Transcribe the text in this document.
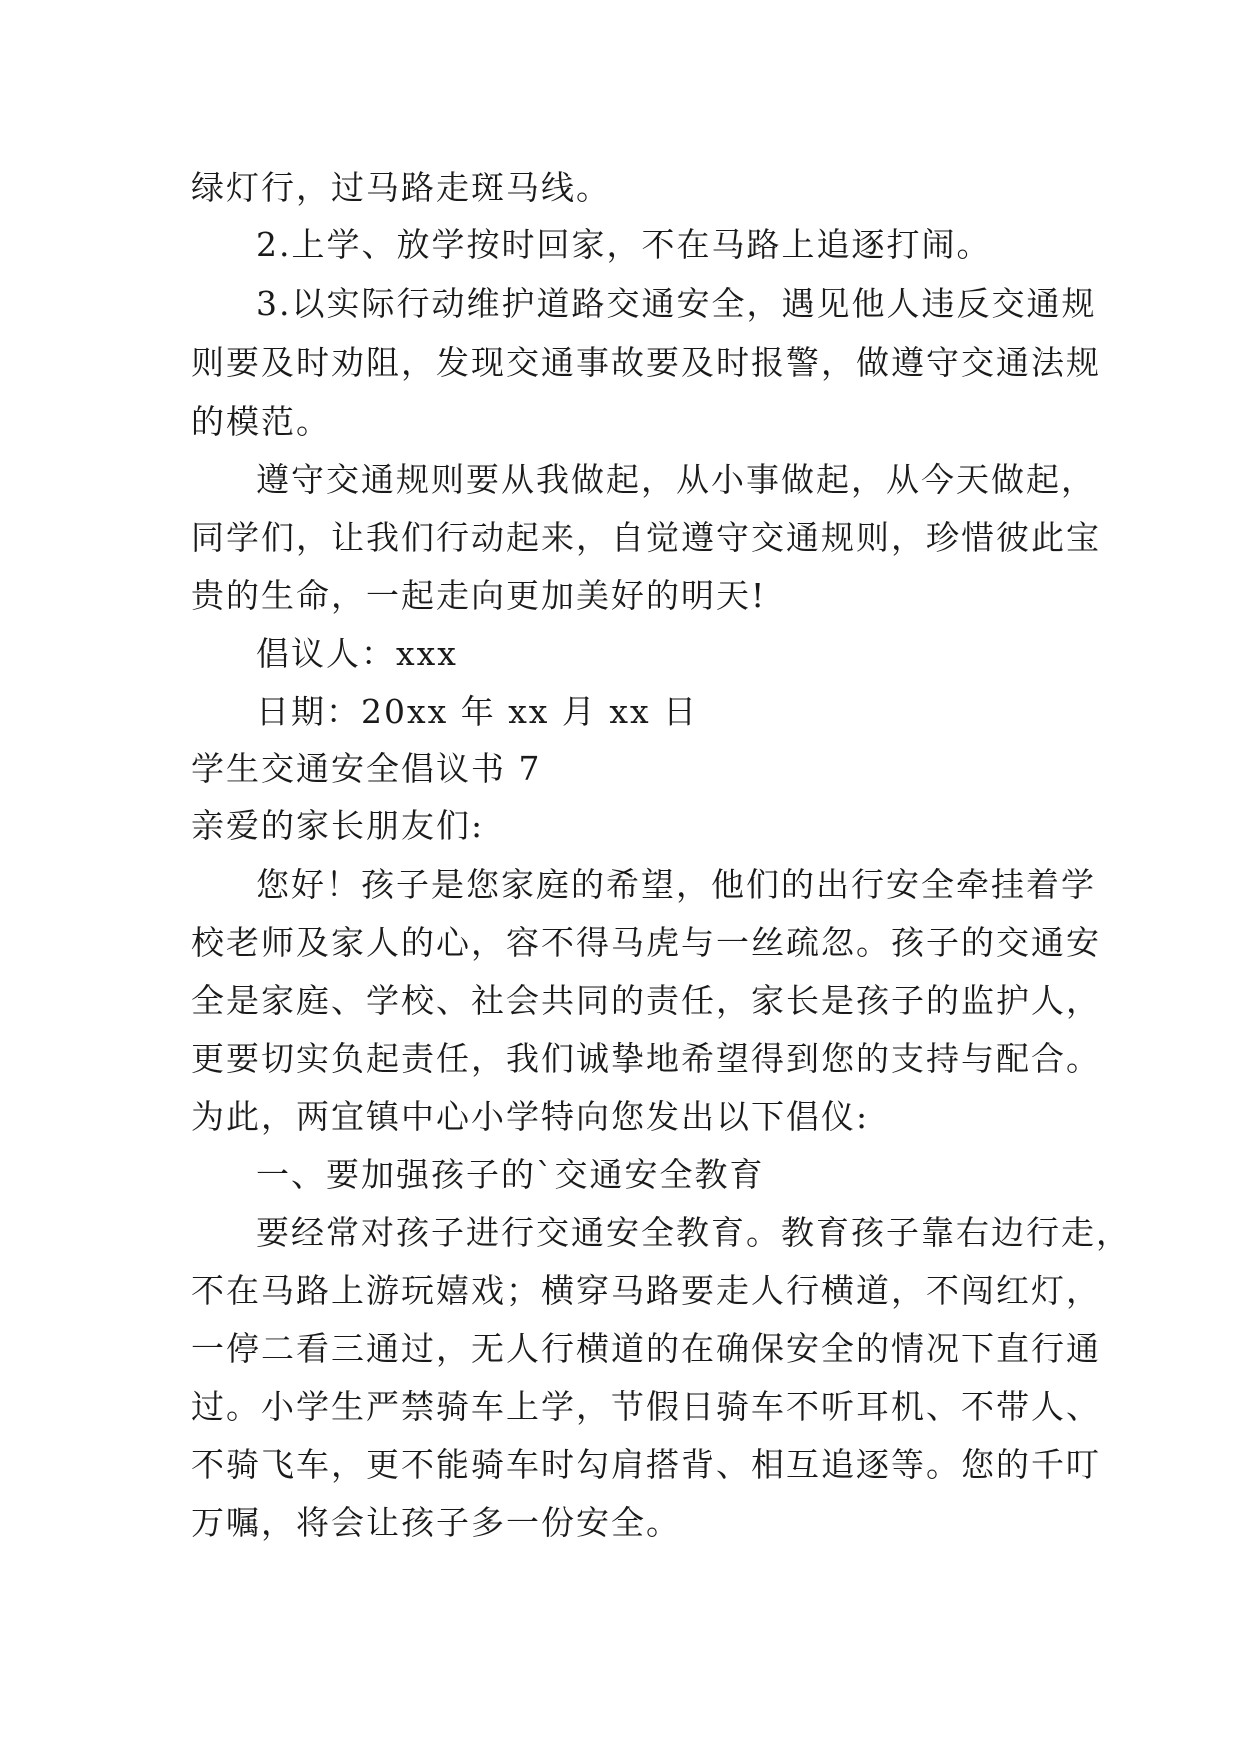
绿灯行，过马路走斑马线。
2.上学、放学按时回家，不在马路上追逐打闹。
3.以实际行动维护道路交通安全，遇见他人违反交通规
则要及时劝阻，发现交通事故要及时报警，做遵守交通法规
的模范。
遵守交通规则要从我做起，从小事做起，从今天做起，
同学们，让我们行动起来，自觉遵守交通规则，珍惜彼此宝
贵的生命，一起走向更加美好的明天!
倡议人：xxx
日期：20xx 年 xx 月 xx 日
学生交通安全倡议书 7
亲爱的家长朋友们:
您好！孩子是您家庭的希望，他们的出行安全牵挂着学
校老师及家人的心，容不得马虎与一丝疏忽。孩子的交通安
全是家庭、学校、社会共同的责任，家长是孩子的监护人，
更要切实负起责任，我们诚挚地希望得到您的支持与配合。
为此，两宜镇中心小学特向您发出以下倡仪:
一、要加强孩子的`交通安全教育
要经常对孩子进行交通安全教育。教育孩子靠右边行走，
不在马路上游玩嬉戏；横穿马路要走人行横道，不闯红灯，
一停二看三通过，无人行横道的在确保安全的情况下直行通
过。小学生严禁骑车上学，节假日骑车不听耳机、不带人、
不骑飞车，更不能骑车时勾肩搭背、相互追逐等。您的千叮
万嘱，将会让孩子多一份安全。
